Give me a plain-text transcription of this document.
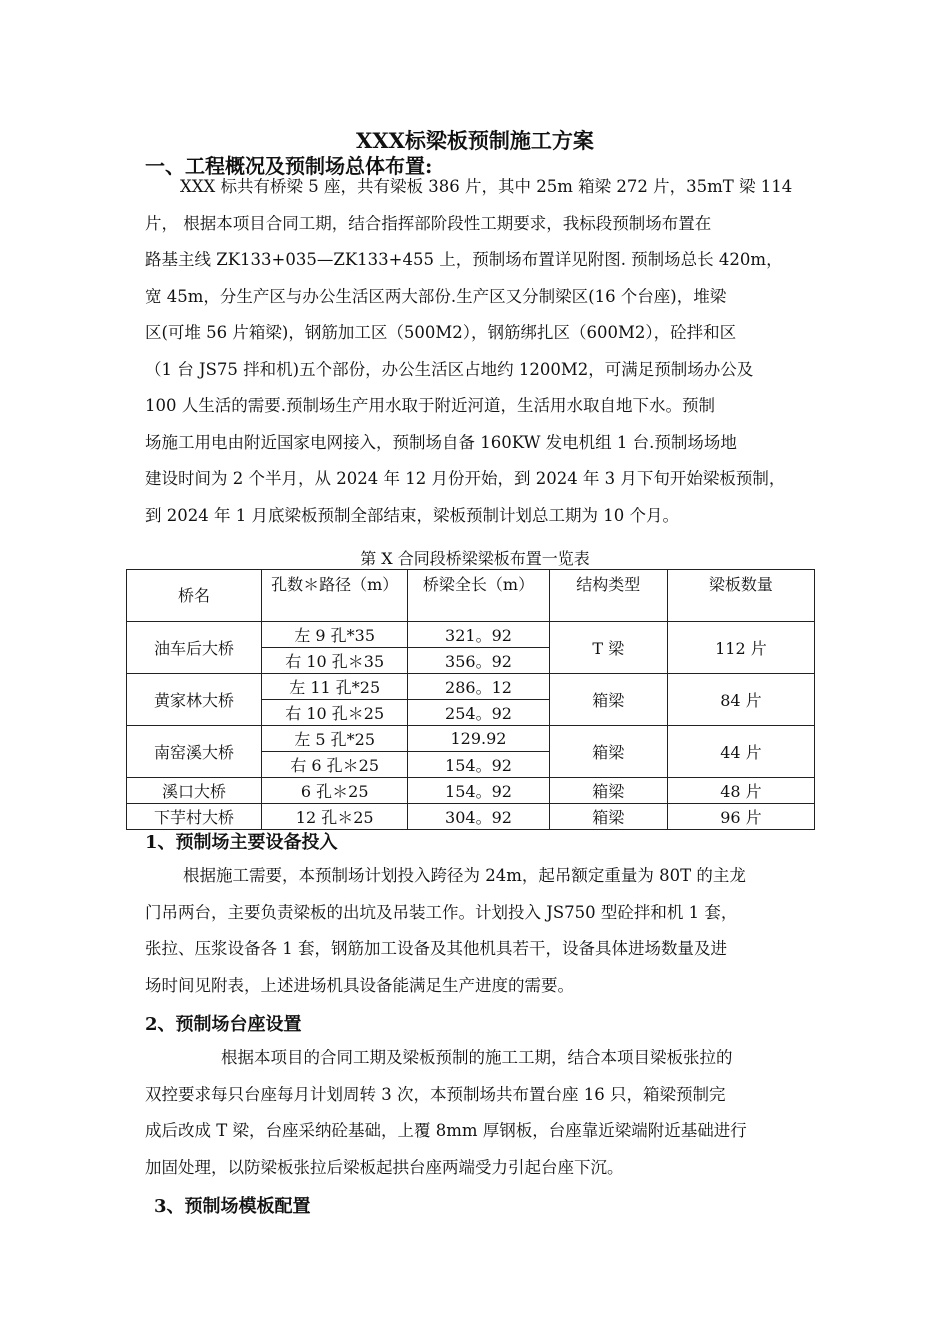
XXX标梁板预制施工方案
一、工程概况及预制场总体布置:
XXX 标共有桥梁 5 座，共有梁板 386 片，其中 25m 箱梁 272 片，35mT 梁 114
片， 根据本项目合同工期，结合指挥部阶段性工期要求，我标段预制场布置在
路基主线 ZK133+035—ZK133+455 上，预制场布置详见附图. 预制场总长 420m，
宽 45m，分生产区与办公生活区两大部份.生产区又分制梁区(16 个台座)，堆梁
区(可堆 56 片箱梁)，钢筋加工区（500M2），钢筋绑扎区（600M2），砼拌和区
（1 台 JS75 拌和机)五个部份，办公生活区占地约 1200M2，可满足预制场办公及
100 人生活的需要.预制场生产用水取于附近河道，生活用水取自地下水。预制
场施工用电由附近国家电网接入，预制场自备 160KW 发电机组 1 台.预制场场地
建设时间为 2 个半月，从 2024 年 12 月份开始，到 2024 年 3 月下旬开始梁板预制，
到 2024 年 1 月底梁板预制全部结束，梁板预制计划总工期为 10 个月。
第 X 合同段桥梁梁板布置一览表
桥名	孔数＊路径（m）	桥梁全长（m）	结构类型	梁板数量
油车后大桥	左 9 孔*35	321。92	T 梁	112 片
	右 10 孔＊35	356。92		
黄家林大桥	左 11 孔*25	286。12	箱梁	84 片
	右 10 孔＊25	254。92		
南窑溪大桥	左 5 孔*25	129.92	箱梁	44 片
	右 6 孔＊25	154。92		
溪口大桥	6 孔＊25	154。92	箱梁	48 片
下芋村大桥	12 孔＊25	304。92	箱梁	96 片
1、预制场主要设备投入
根据施工需要，本预制场计划投入跨径为 24m，起吊额定重量为 80T 的主龙
门吊两台，主要负责梁板的出坑及吊装工作。计划投入 JS750 型砼拌和机 1 套，
张拉、压浆设备各 1 套，钢筋加工设备及其他机具若干，设备具体进场数量及进
场时间见附表，上述进场机具设备能满足生产进度的需要。
2、预制场台座设置
根据本项目的合同工期及梁板预制的施工工期，结合本项目梁板张拉的
双控要求每只台座每月计划周转 3 次，本预制场共布置台座 16 只，箱梁预制完
成后改成 T 梁，台座采纳砼基础，上覆 8mm 厚钢板，台座靠近梁端附近基础进行
加固处理，以防梁板张拉后梁板起拱台座两端受力引起台座下沉。
3、预制场模板配置
